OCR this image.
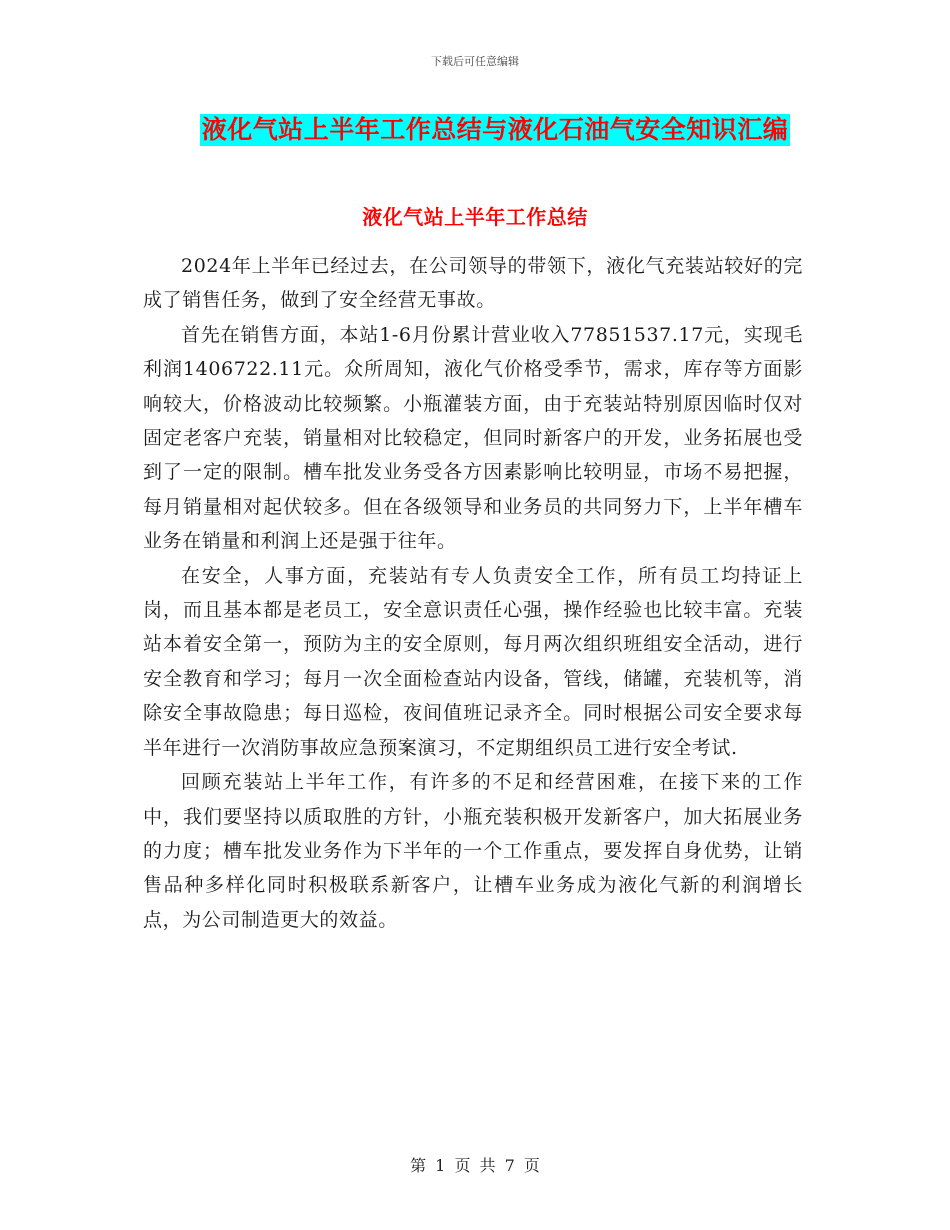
下载后可任意编辑
液化气站上半年工作总结与液化石油气安全知识汇编
液化气站上半年工作总结

2024年上半年已经过去，在公司领导的带领下，液化气充装站较好的完成了销售任务，做到了安全经营无事故。

首先在销售方面，本站1-6月份累计营业收入77851537.17元，实现毛利润1406722.11元。众所周知，液化气价格受季节，需求，库存等方面影响较大，价格波动比较频繁。小瓶灌装方面，由于充装站特别原因临时仅对固定老客户充装，销量相对比较稳定，但同时新客户的开发，业务拓展也受到了一定的限制。槽车批发业务受各方因素影响比较明显，市场不易把握，每月销量相对起伏较多。但在各级领导和业务员的共同努力下，上半年槽车业务在销量和利润上还是强于往年。

在安全，人事方面，充装站有专人负责安全工作，所有员工均持证上岗，而且基本都是老员工，安全意识责任心强，操作经验也比较丰富。充装站本着安全第一，预防为主的安全原则，每月两次组织班组安全活动，进行安全教育和学习；每月一次全面检查站内设备，管线，储罐，充装机等，消除安全事故隐患；每日巡检，夜间值班记录齐全。同时根据公司安全要求每半年进行一次消防事故应急预案演习，不定期组织员工进行安全考试.

回顾充装站上半年工作，有许多的不足和经营困难，在接下来的工作中，我们要坚持以质取胜的方针，小瓶充装积极开发新客户，加大拓展业务的力度；槽车批发业务作为下半年的一个工作重点，要发挥自身优势，让销售品种多样化同时积极联系新客户，让槽车业务成为液化气新的利润增长点，为公司制造更大的效益。

第 1 页 共 7 页
